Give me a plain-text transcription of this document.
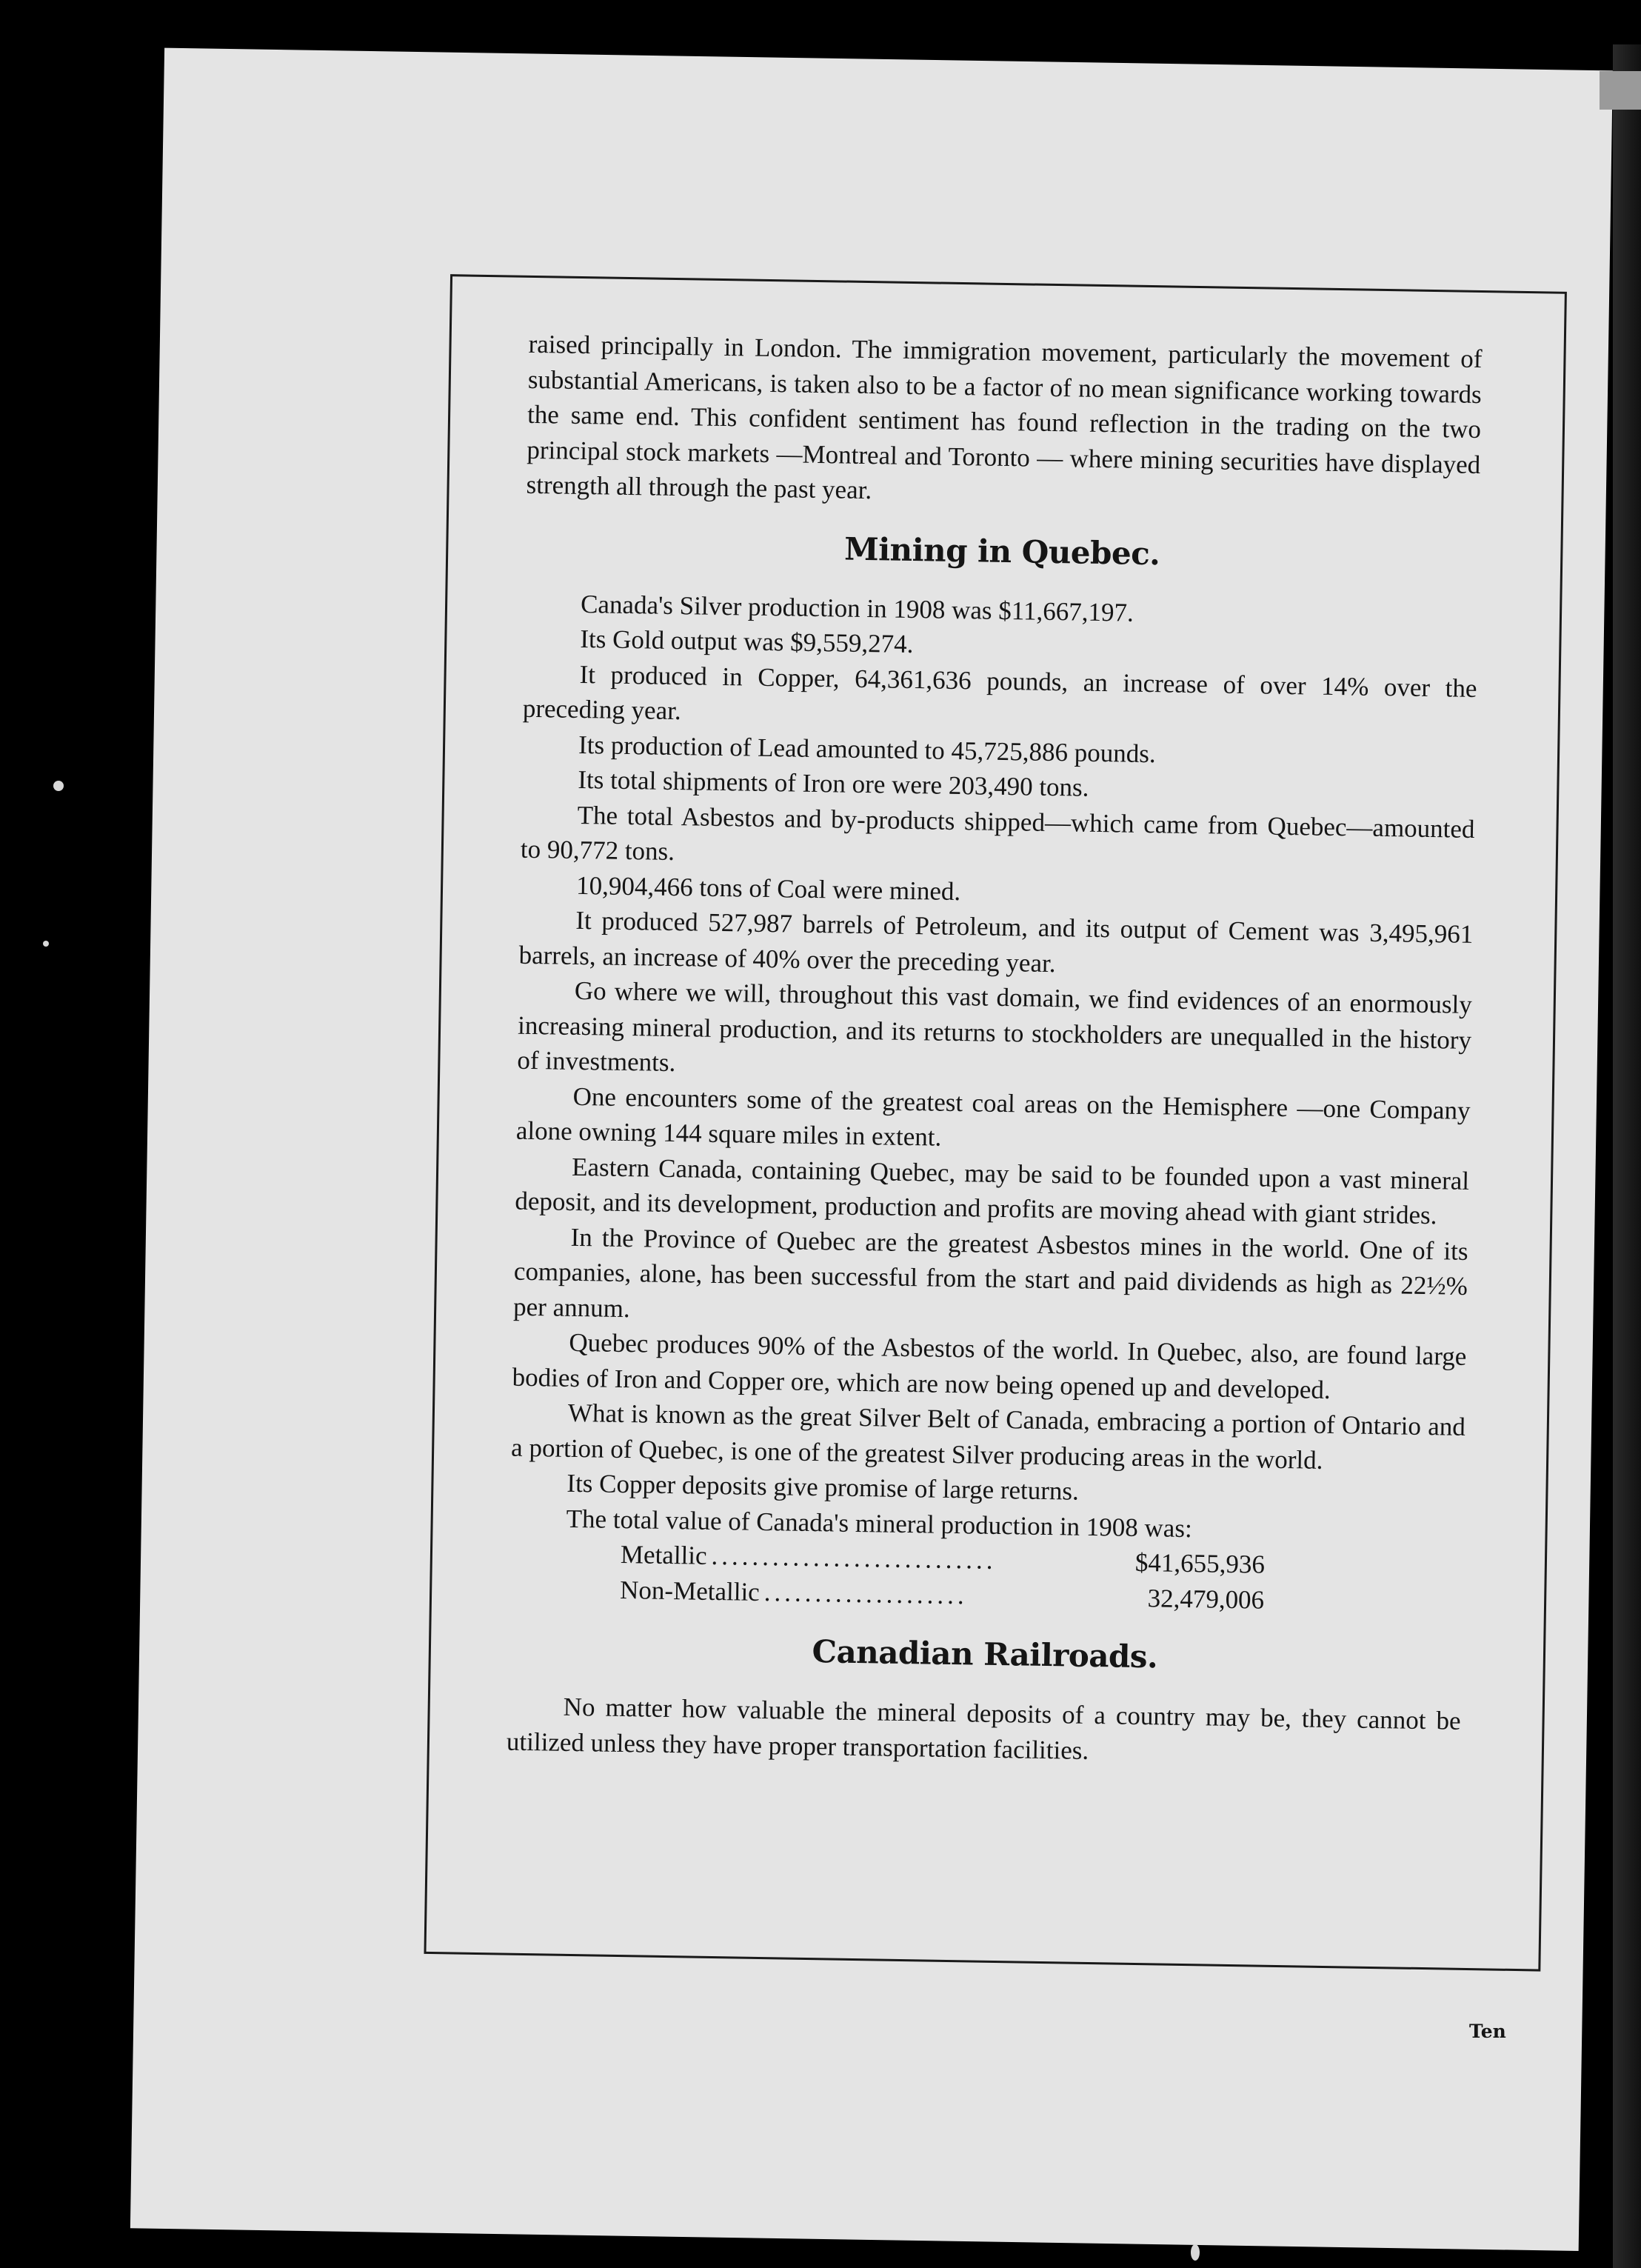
raised principally in London. The immigration movement, particularly the movement of substantial Americans, is taken also to be a factor of no mean significance working towards the same end. This confident sentiment has found reflection in the trading on the two principal stock markets —Montreal and Toronto — where mining securities have displayed strength all through the past year.

Mining in Quebec.

Canada's Silver production in 1908 was $11,667,197.

Its Gold output was $9,559,274.

It produced in Copper, 64,361,636 pounds, an increase of over 14% over the preceding year.

Its production of Lead amounted to 45,725,886 pounds.

Its total shipments of Iron ore were 203,490 tons.

The total Asbestos and by-products shipped—which came from Quebec—amounted to 90,772 tons.

10,904,466 tons of Coal were mined.

It produced 527,987 barrels of Petroleum, and its output of Cement was 3,495,961 barrels, an increase of 40% over the preceding year.

Go where we will, throughout this vast domain, we find evidences of an enormously increasing mineral production, and its returns to stockholders are unequalled in the history of investments.

One encounters some of the greatest coal areas on the Hemisphere —one Company alone owning 144 square miles in extent.

Eastern Canada, containing Quebec, may be said to be founded upon a vast mineral deposit, and its development, production and profits are moving ahead with giant strides.

In the Province of Quebec are the greatest Asbestos mines in the world. One of its companies, alone, has been successful from the start and paid dividends as high as 22½% per annum.

Quebec produces 90% of the Asbestos of the world. In Quebec, also, are found large bodies of Iron and Copper ore, which are now being opened up and developed.

What is known as the great Silver Belt of Canada, embracing a portion of Ontario and a portion of Quebec, is one of the greatest Silver producing areas in the world.

Its Copper deposits give promise of large returns.

The total value of Canada's mineral production in 1908 was:

Metallic ............................	$41,655,936
Non-Metallic ....................	32,479,006
Canadian Railroads.

No matter how valuable the mineral deposits of a country may be, they cannot be utilized unless they have proper transportation facilities.

Ten
